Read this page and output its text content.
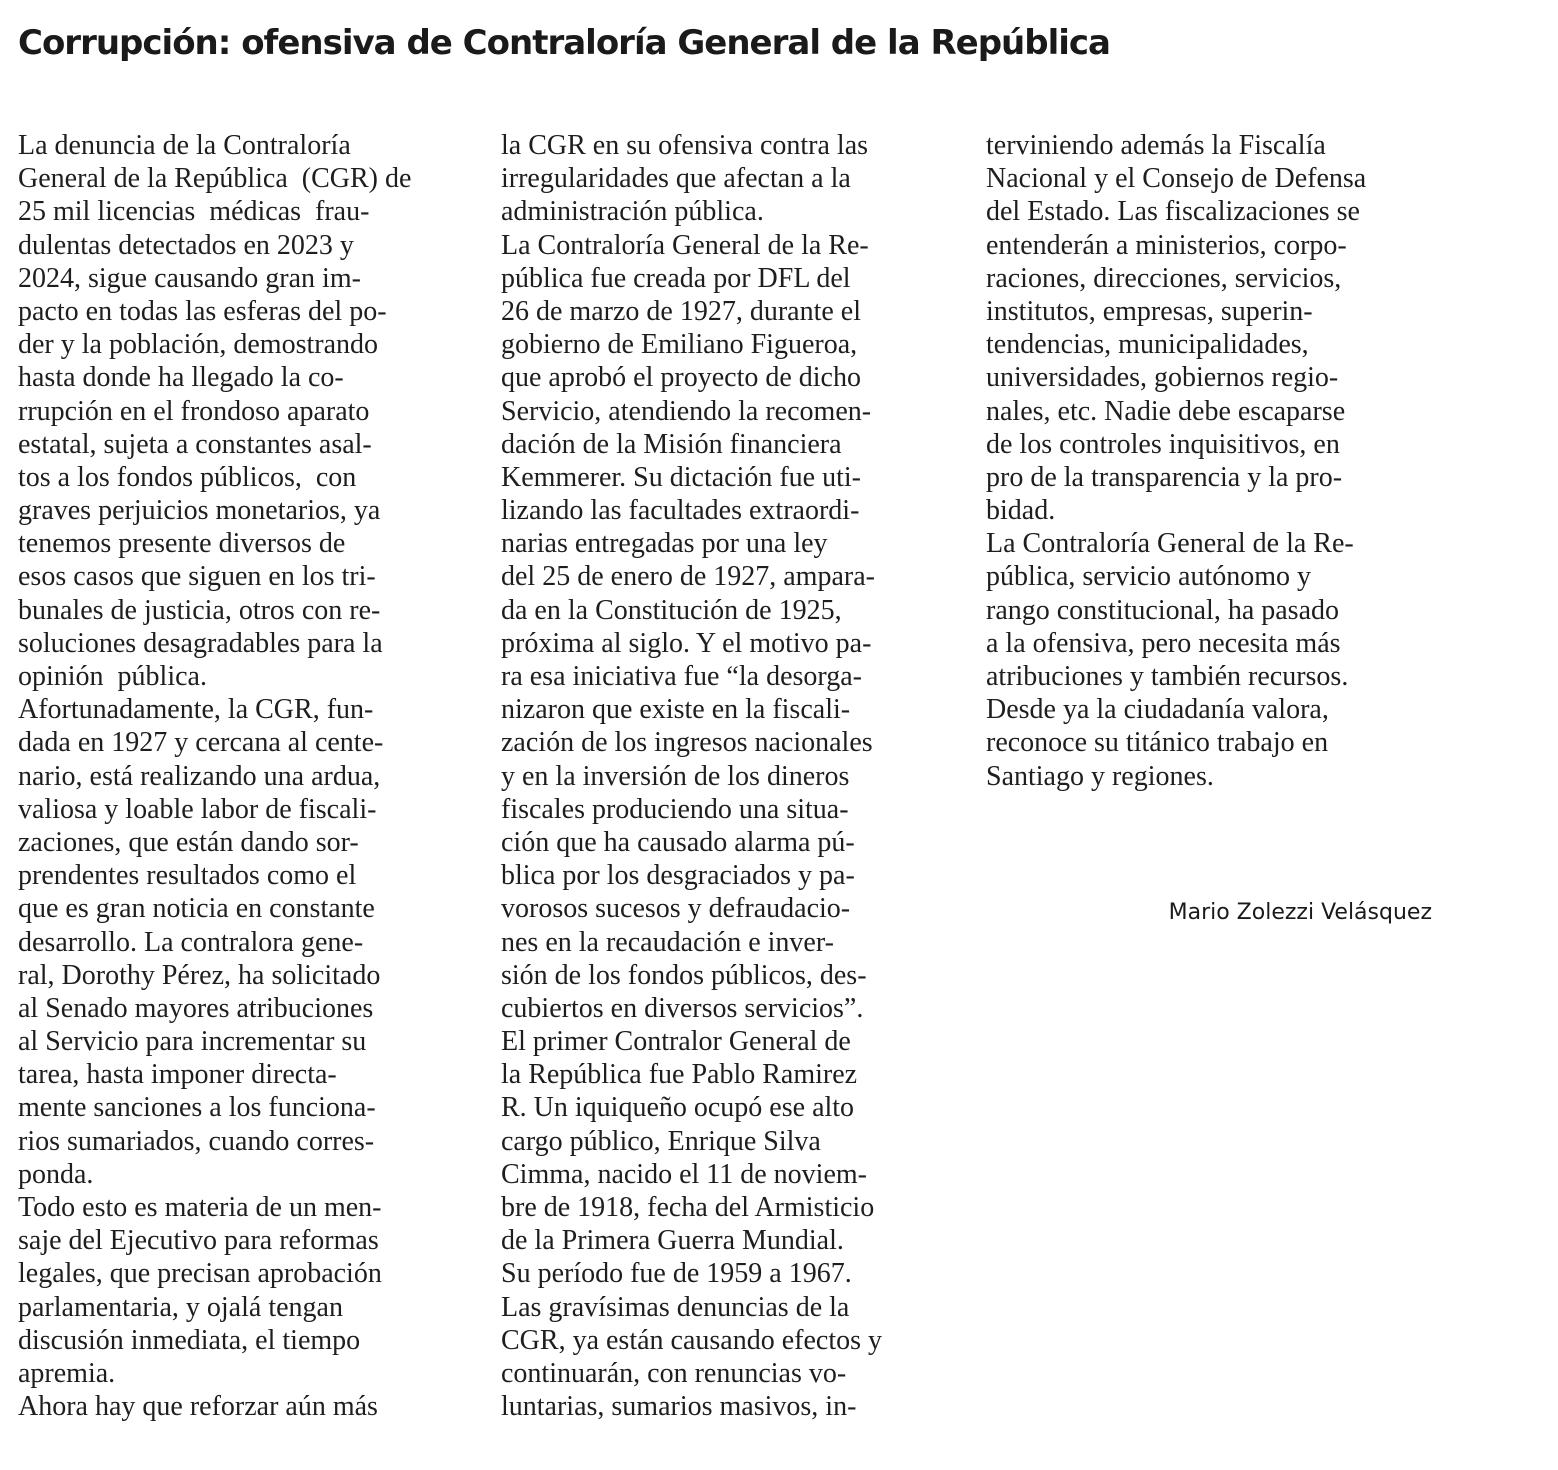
Corrupción: ofensiva de Contraloría General de la República
La denuncia de la Contraloría
General de la República  (CGR) de
25 mil licencias  médicas  frau-
dulentas detectados en 2023 y
2024, sigue causando gran im-
pacto en todas las esferas del po-
der y la población, demostrando
hasta donde ha llegado la co-
rrupción en el frondoso aparato
estatal, sujeta a constantes asal-
tos a los fondos públicos,  con
graves perjuicios monetarios, ya
tenemos presente diversos de
esos casos que siguen en los tri-
bunales de justicia, otros con re-
soluciones desagradables para la
opinión  pública.
Afortunadamente, la CGR, fun-
dada en 1927 y cercana al cente-
nario, está realizando una ardua,
valiosa y loable labor de fiscali-
zaciones, que están dando sor-
prendentes resultados como el
que es gran noticia en constante
desarrollo. La contralora gene-
ral, Dorothy Pérez, ha solicitado
al Senado mayores atribuciones
al Servicio para incrementar su
tarea, hasta imponer directa-
mente sanciones a los funciona-
rios sumariados, cuando corres-
ponda.
Todo esto es materia de un men-
saje del Ejecutivo para reformas
legales, que precisan aprobación
parlamentaria, y ojalá tengan
discusión inmediata, el tiempo
apremia.
Ahora hay que reforzar aún más
la CGR en su ofensiva contra las
irregularidades que afectan a la
administración pública.
La Contraloría General de la Re-
pública fue creada por DFL del
26 de marzo de 1927, durante el
gobierno de Emiliano Figueroa,
que aprobó el proyecto de dicho
Servicio, atendiendo la recomen-
dación de la Misión financiera
Kemmerer. Su dictación fue uti-
lizando las facultades extraordi-
narias entregadas por una ley
del 25 de enero de 1927, ampara-
da en la Constitución de 1925,
próxima al siglo. Y el motivo pa-
ra esa iniciativa fue “la desorga-
nizaron que existe en la fiscali-
zación de los ingresos nacionales
y en la inversión de los dineros
fiscales produciendo una situa-
ción que ha causado alarma pú-
blica por los desgraciados y pa-
vorosos sucesos y defraudacio-
nes en la recaudación e inver-
sión de los fondos públicos, des-
cubiertos en diversos servicios”.
El primer Contralor General de
la República fue Pablo Ramirez
R. Un iquiqueño ocupó ese alto
cargo público, Enrique Silva
Cimma, nacido el 11 de noviem-
bre de 1918, fecha del Armisticio
de la Primera Guerra Mundial.
Su período fue de 1959 a 1967.
Las gravísimas denuncias de la
CGR, ya están causando efectos y
continuarán, con renuncias vo-
luntarias, sumarios masivos, in-
terviniendo además la Fiscalía
Nacional y el Consejo de Defensa
del Estado. Las fiscalizaciones se
entenderán a ministerios, corpo-
raciones, direcciones, servicios,
institutos, empresas, superin-
tendencias, municipalidades,
universidades, gobiernos regio-
nales, etc. Nadie debe escaparse
de los controles inquisitivos, en
pro de la transparencia y la pro-
bidad.
La Contraloría General de la Re-
pública, servicio autónomo y
rango constitucional, ha pasado
a la ofensiva, pero necesita más
atribuciones y también recursos.
Desde ya la ciudadanía valora,
reconoce su titánico trabajo en
Santiago y regiones.
Mario Zolezzi Velásquez
